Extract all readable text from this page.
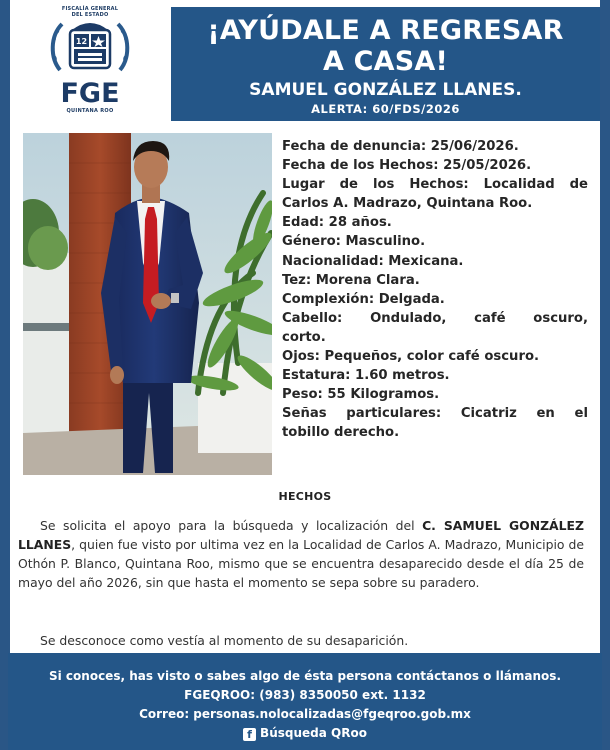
FISCALÍA GENERAL
DEL ESTADO
12
FGE
QUINTANA ROO
¡AYÚDALE A REGRESAR
A CASA!
SAMUEL GONZÁLEZ LLANES.
ALERTA: 60/FDS/2026
Fecha de denuncia: 25/06/2026.
Fecha de los Hechos: 25/05/2026.
Lugar de los Hechos: Localidad de
Carlos A. Madrazo, Quintana Roo.
Edad: 28 años.
Género: Masculino.
Nacionalidad: Mexicana.
Tez: Morena Clara.
Complexión: Delgada.
Cabello: Ondulado, café oscuro,
corto.
Ojos: Pequeños, color café oscuro.
Estatura: 1.60 metros.
Peso: 55 Kilogramos.
Señas particulares: Cicatriz en el
tobillo derecho.
HECHOS
Se solicita el apoyo para la búsqueda y localización del C. SAMUEL GONZÁLEZ LLANES, quien fue visto por ultima vez en la Localidad de Carlos A. Madrazo, Municipio de Othón P. Blanco, Quintana Roo, mismo que se encuentra desaparecido desde el día 25 de mayo del año 2026, sin que hasta el momento se sepa sobre su paradero.
Se desconoce como vestía al momento de su desaparición.
Si conoces, has visto o sabes algo de ésta persona contáctanos o llámanos.
FGEQROO: (983) 8350050 ext. 1132
Correo: personas.nolocalizadas@fgeqroo.gob.mx
f Búsqueda QRoo
